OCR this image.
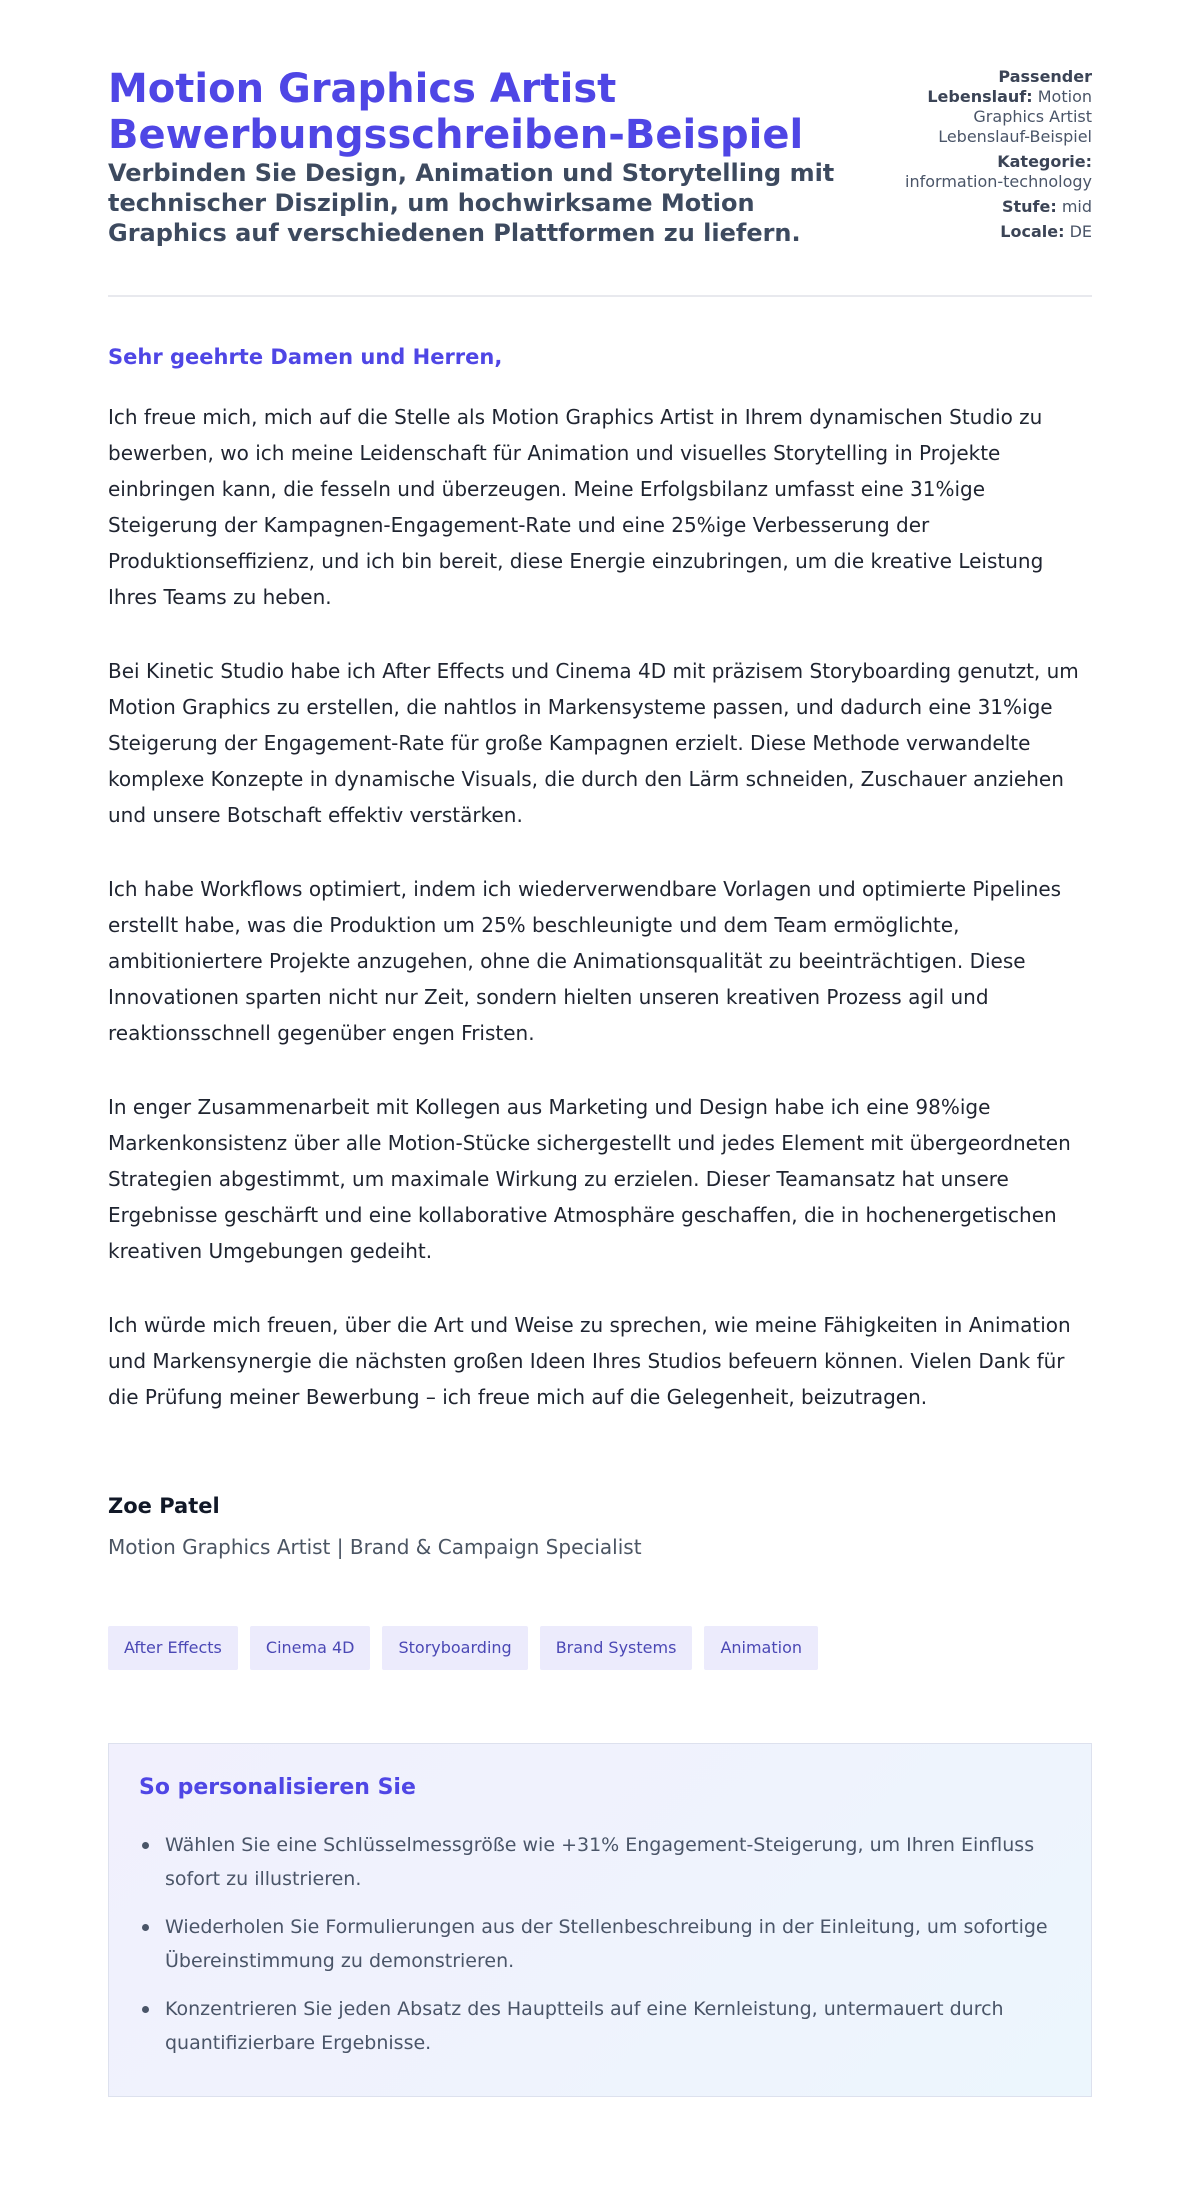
Motion Graphics Artist Bewerbungsschreiben-Beispiel
Verbinden Sie Design, Animation und Storytelling mit technischer Disziplin, um hochwirksame Motion Graphics auf verschiedenen Plattformen zu liefern.
Passender Lebenslauf: Motion Graphics Artist Lebenslauf-Beispiel
Kategorie: information-technology
Stufe: mid
Locale: DE
Sehr geehrte Damen und Herren,

Ich freue mich, mich auf die Stelle als Motion Graphics Artist in Ihrem dynamischen Studio zu bewerben, wo ich meine Leidenschaft für Animation und visuelles Storytelling in Projekte einbringen kann, die fesseln und überzeugen. Meine Erfolgsbilanz umfasst eine 31%ige Steigerung der Kampagnen-Engagement-Rate und eine 25%ige Verbesserung der Produktionseffizienz, und ich bin bereit, diese Energie einzubringen, um die kreative Leistung Ihres Teams zu heben.

Bei Kinetic Studio habe ich After Effects und Cinema 4D mit präzisem Storyboarding genutzt, um Motion Graphics zu erstellen, die nahtlos in Markensysteme passen, und dadurch eine 31%ige Steigerung der Engagement-Rate für große Kampagnen erzielt. Diese Methode verwandelte komplexe Konzepte in dynamische Visuals, die durch den Lärm schneiden, Zuschauer anziehen und unsere Botschaft effektiv verstärken.

Ich habe Workflows optimiert, indem ich wiederverwendbare Vorlagen und optimierte Pipelines erstellt habe, was die Produktion um 25% beschleunigte und dem Team ermöglichte, ambitioniertere Projekte anzugehen, ohne die Animationsqualität zu beeinträchtigen. Diese Innovationen sparten nicht nur Zeit, sondern hielten unseren kreativen Prozess agil und reaktionsschnell gegenüber engen Fristen.

In enger Zusammenarbeit mit Kollegen aus Marketing und Design habe ich eine 98%ige Markenkonsistenz über alle Motion-Stücke sichergestellt und jedes Element mit übergeordneten Strategien abgestimmt, um maximale Wirkung zu erzielen. Dieser Teamansatz hat unsere Ergebnisse geschärft und eine kollaborative Atmosphäre geschaffen, die in hochenergetischen kreativen Umgebungen gedeiht.

Ich würde mich freuen, über die Art und Weise zu sprechen, wie meine Fähigkeiten in Animation und Markensynergie die nächsten großen Ideen Ihres Studios befeuern können. Vielen Dank für die Prüfung meiner Bewerbung – ich freue mich auf die Gelegenheit, beizutragen.

Zoe Patel
Motion Graphics Artist | Brand & Campaign Specialist
After Effects	Cinema 4D	Storyboarding	Brand Systems	Animation
So personalisieren Sie
Wählen Sie eine Schlüsselmessgröße wie +31% Engagement-Steigerung, um Ihren Einfluss sofort zu illustrieren.
Wiederholen Sie Formulierungen aus der Stellenbeschreibung in der Einleitung, um sofortige Übereinstimmung zu demonstrieren.
Konzentrieren Sie jeden Absatz des Hauptteils auf eine Kernleistung, untermauert durch quantifizierbare Ergebnisse.
